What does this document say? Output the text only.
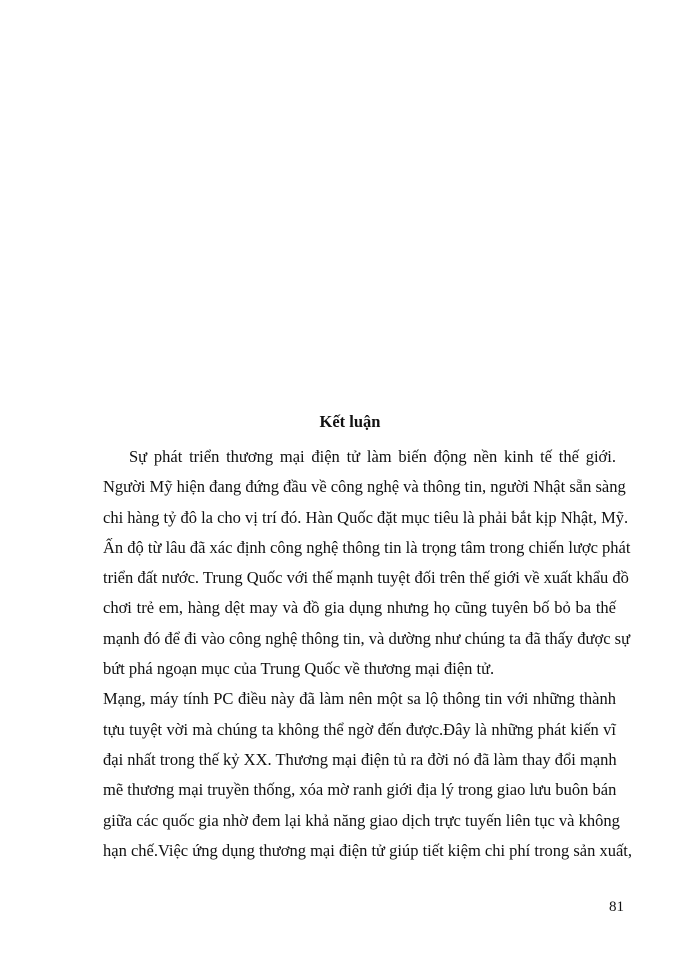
Kết luận
Sự phát triển thương mại điện tử làm biến động nền kinh tế thế giới.
Người Mỹ hiện đang đứng đầu về công nghệ và thông tin, người Nhật sẵn sàng
chi hàng tỷ đô la cho vị trí đó. Hàn Quốc đặt mục tiêu là phải bắt kịp Nhật, Mỹ.
Ấn độ từ lâu đã xác định công nghệ thông tin là trọng tâm trong chiến lược phát
triển đất nước. Trung Quốc với thế mạnh tuyệt đối trên thế giới về xuất khẩu đồ
chơi trẻ em, hàng dệt may và đồ gia dụng nhưng họ cũng tuyên bố bỏ ba thế
mạnh đó để đi vào công nghệ thông tin, và dường như chúng ta đã thấy được sự
bứt phá ngoạn mục của Trung Quốc về thương mại điện tử.
Mạng, máy tính PC điều này đã làm nên một sa lộ thông tin với những thành
tựu tuyệt vời mà chúng ta không thể ngờ đến được.Đây là những phát kiến vĩ
đại nhất trong thế kỷ XX. Thương mại điện tủ ra đời nó đã làm thay đổi mạnh
mẽ thương mại truyền thống, xóa mờ ranh giới địa lý trong giao lưu buôn bán
giữa các quốc gia nhờ đem lại khả năng giao dịch trực tuyến liên tục và không
hạn chế.Việc ứng dụng thương mại điện tử giúp tiết kiệm chi phí trong sản xuất,
81
